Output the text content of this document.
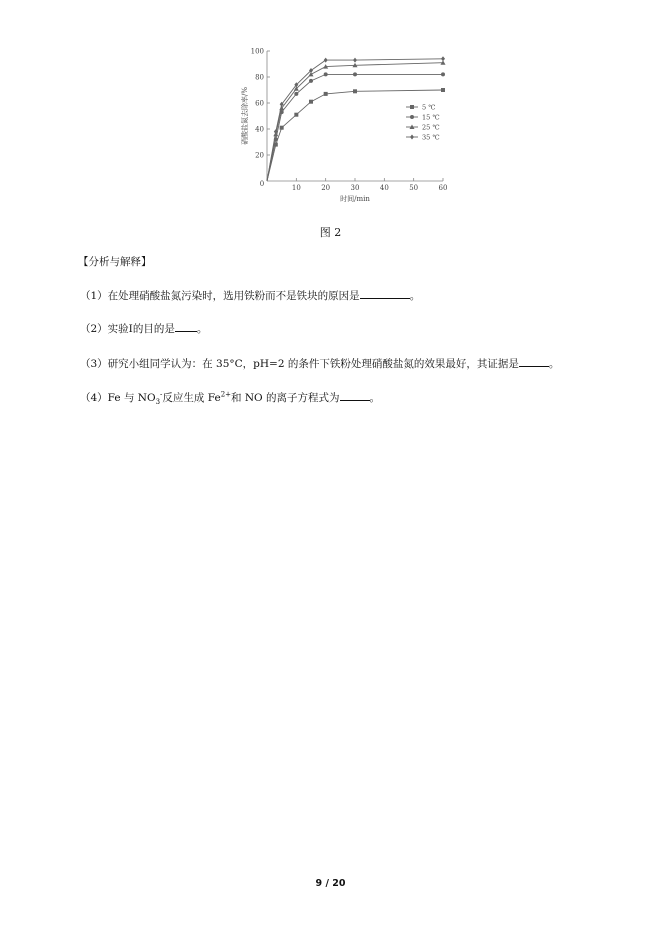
20
40
60
80
100
0	10	20	30	40	50	60
时间/min
硝酸盐氮去除率/%	5 ℃
15 ℃
25 ℃
35 ℃
图 2
【分析与解释】
（1）在处理硝酸盐氮污染时，选用铁粉而不是铁块的原因是	。
（2）实验Ⅰ的目的是 。
（3）研究小组同学认为：在 35°C，pH=2 的条件下铁粉处理硝酸盐氮的效果最好，其证据是	。
（4）Fe 与 $NO_3^-$反应生成 $Fe^{2+}$和 NO 的离子方程式为	。
9 / 20
